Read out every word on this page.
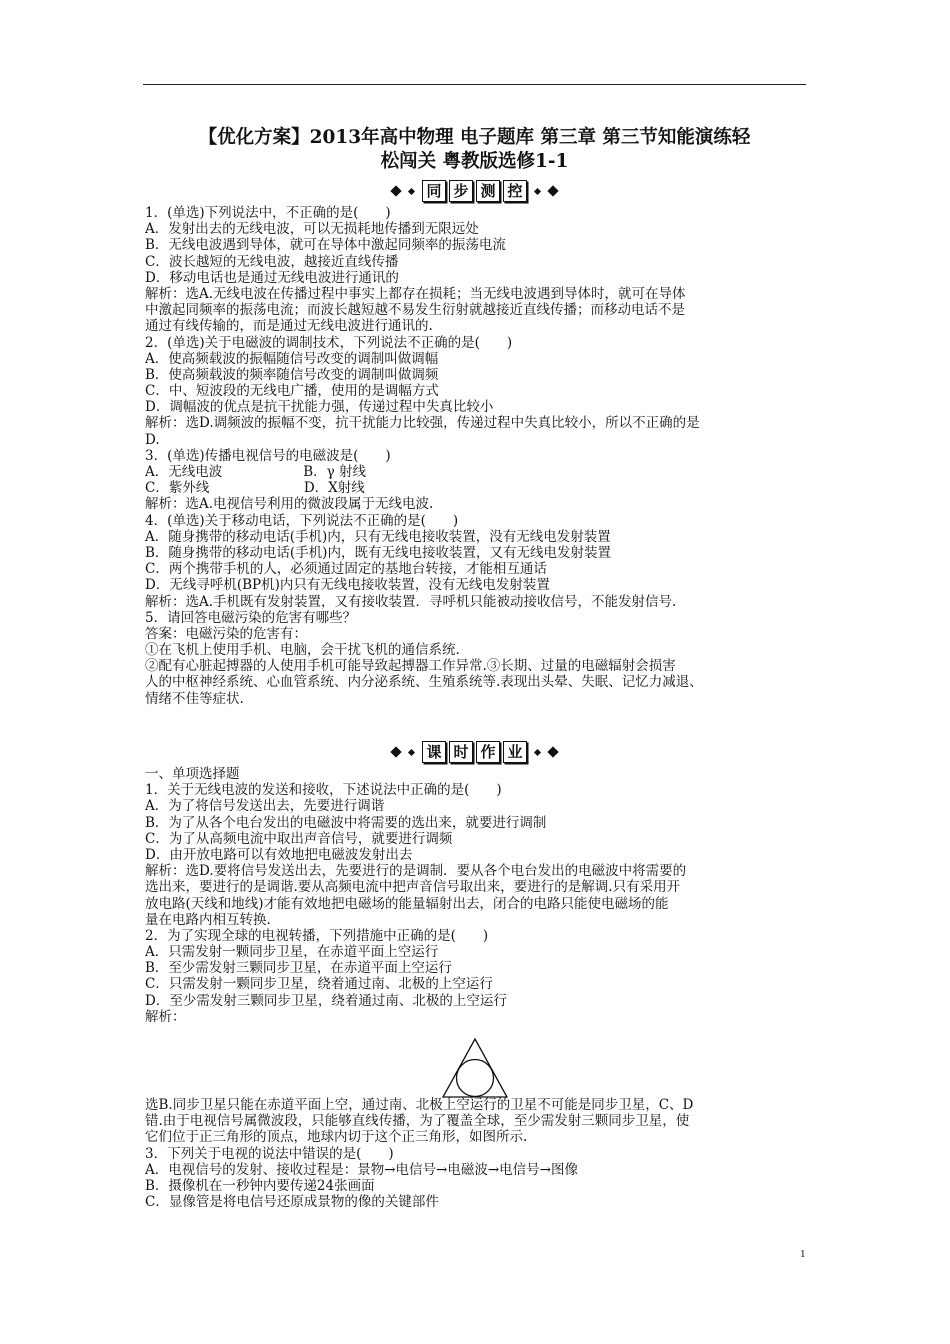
【优化方案】2013年高中物理 电子题库 第三章 第三节知能演练轻
松闯关 粤教版选修1-1
同 步 测 控
1．(单选)下列说法中，不正确的是(　　)
A．发射出去的无线电波，可以无损耗地传播到无限远处
B．无线电波遇到导体，就可在导体中激起同频率的振荡电流
C．波长越短的无线电波，越接近直线传播
D．移动电话也是通过无线电波进行通讯的
解析：选A.无线电波在传播过程中事实上都存在损耗；当无线电波遇到导体时，就可在导体
中激起同频率的振荡电流；而波长越短越不易发生衍射就越接近直线传播；而移动电话不是
通过有线传输的，而是通过无线电波进行通讯的.
2．(单选)关于电磁波的调制技术，下列说法不正确的是(　　)
A．使高频载波的振幅随信号改变的调制叫做调幅
B．使高频载波的频率随信号改变的调制叫做调频
C．中、短波段的无线电广播，使用的是调幅方式
D．调幅波的优点是抗干扰能力强，传递过程中失真比较小
解析：选D.调频波的振幅不变，抗干扰能力比较强，传递过程中失真比较小，所以不正确的是
D.
3．(单选)传播电视信号的电磁波是(　　)
A．无线电波　　　　　　B．γ 射线
C．紫外线　　　　　　　D．X射线
解析：选A.电视信号利用的微波段属于无线电波.
4．(单选)关于移动电话，下列说法不正确的是(　　)
A．随身携带的移动电话(手机)内，只有无线电接收装置，没有无线电发射装置
B．随身携带的移动电话(手机)内，既有无线电接收装置，又有无线电发射装置
C．两个携带手机的人，必须通过固定的基地台转接，才能相互通话
D．无线寻呼机(BP机)内只有无线电接收装置，没有无线电发射装置
解析：选A.手机既有发射装置，又有接收装置．寻呼机只能被动接收信号，不能发射信号.
5．请回答电磁污染的危害有哪些？
答案：电磁污染的危害有：
①在飞机上使用手机、电脑，会干扰飞机的通信系统.
②配有心脏起搏器的人使用手机可能导致起搏器工作异常.③长期、过量的电磁辐射会损害
人的中枢神经系统、心血管系统、内分泌系统、生殖系统等.表现出头晕、失眠、记忆力减退、
情绪不佳等症状.
课 时 作 业
一、单项选择题
1．关于无线电波的发送和接收，下述说法中正确的是(　　)
A．为了将信号发送出去，先要进行调谐
B．为了从各个电台发出的电磁波中将需要的选出来，就要进行调制
C．为了从高频电流中取出声音信号，就要进行调频
D．由开放电路可以有效地把电磁波发射出去
解析：选D.要将信号发送出去，先要进行的是调制．要从各个电台发出的电磁波中将需要的
选出来，要进行的是调谐.要从高频电流中把声音信号取出来，要进行的是解调.只有采用开
放电路(天线和地线)才能有效地把电磁场的能量辐射出去，闭合的电路只能使电磁场的能
量在电路内相互转换.
2．为了实现全球的电视转播，下列措施中正确的是(　　)
A．只需发射一颗同步卫星，在赤道平面上空运行
B．至少需发射三颗同步卫星，在赤道平面上空运行
C．只需发射一颗同步卫星，绕着通过南、北极的上空运行
D．至少需发射三颗同步卫星，绕着通过南、北极的上空运行
解析：
选B.同步卫星只能在赤道平面上空，通过南、北极上空运行的卫星不可能是同步卫星，C、D
错.由于电视信号属微波段，只能够直线传播，为了覆盖全球，至少需发射三颗同步卫星，使
它们位于正三角形的顶点，地球内切于这个正三角形，如图所示.
3．下列关于电视的说法中错误的是(　　)
A．电视信号的发射、接收过程是：景物→电信号→电磁波→电信号→图像
B．摄像机在一秒钟内要传递24张画面
C．显像管是将电信号还原成景物的像的关键部件
1
